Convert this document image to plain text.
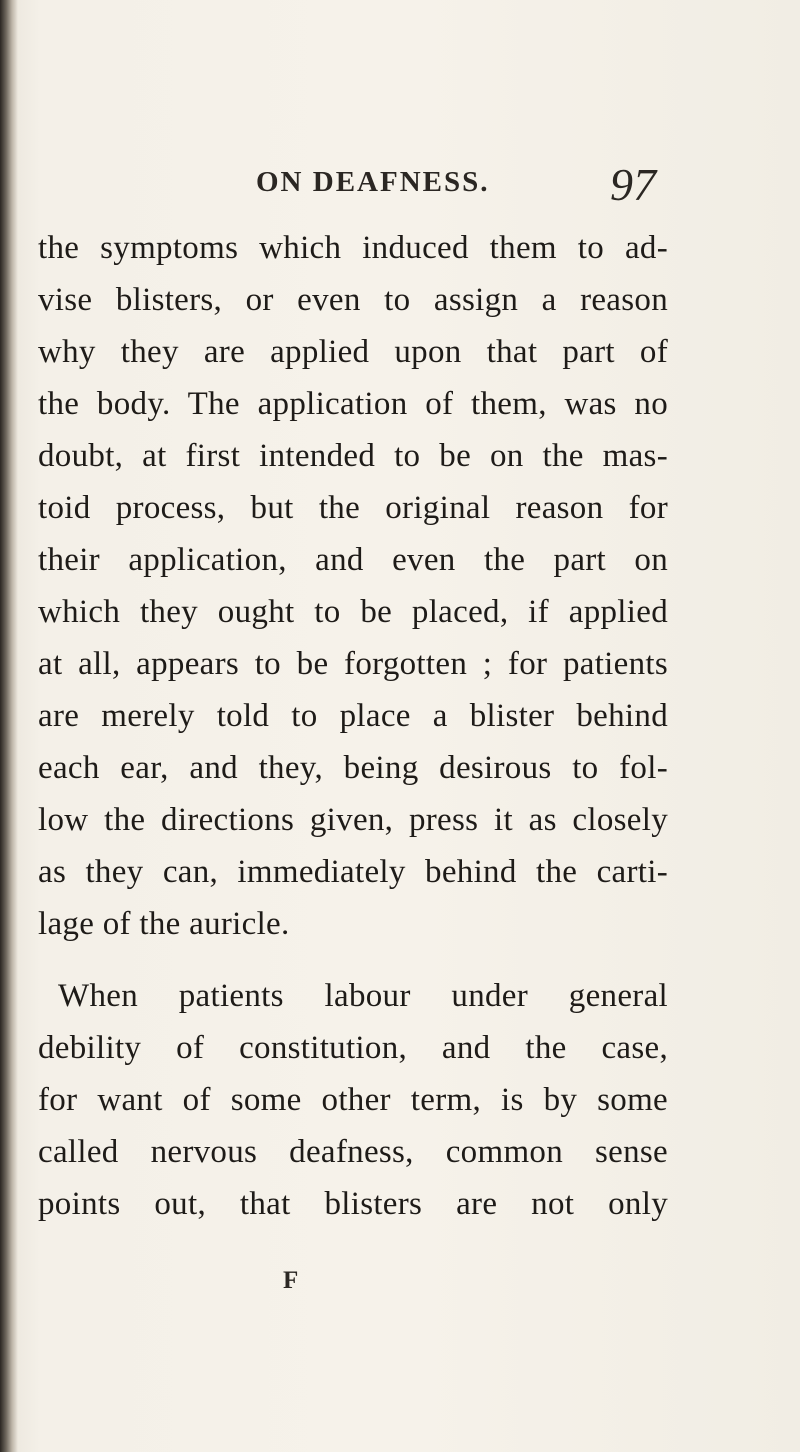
ON DEAFNESS.	97
the symptoms which induced them to ad-
vise blisters, or even to assign a reason
why they are applied upon that part of
the body. The application of them, was no
doubt, at first intended to be on the mas-
toid process, but the original reason for
their application, and even the part on
which they ought to be placed, if applied
at all, appears to be forgotten ; for patients
are merely told to place a blister behind
each ear, and they, being desirous to fol-
low the directions given, press it as closely
as they can, immediately behind the carti-
lage of the auricle.
When patients labour under general
debility of constitution, and the case,
for want of some other term, is by some
called nervous deafness, common sense
points out, that blisters are not only
F
